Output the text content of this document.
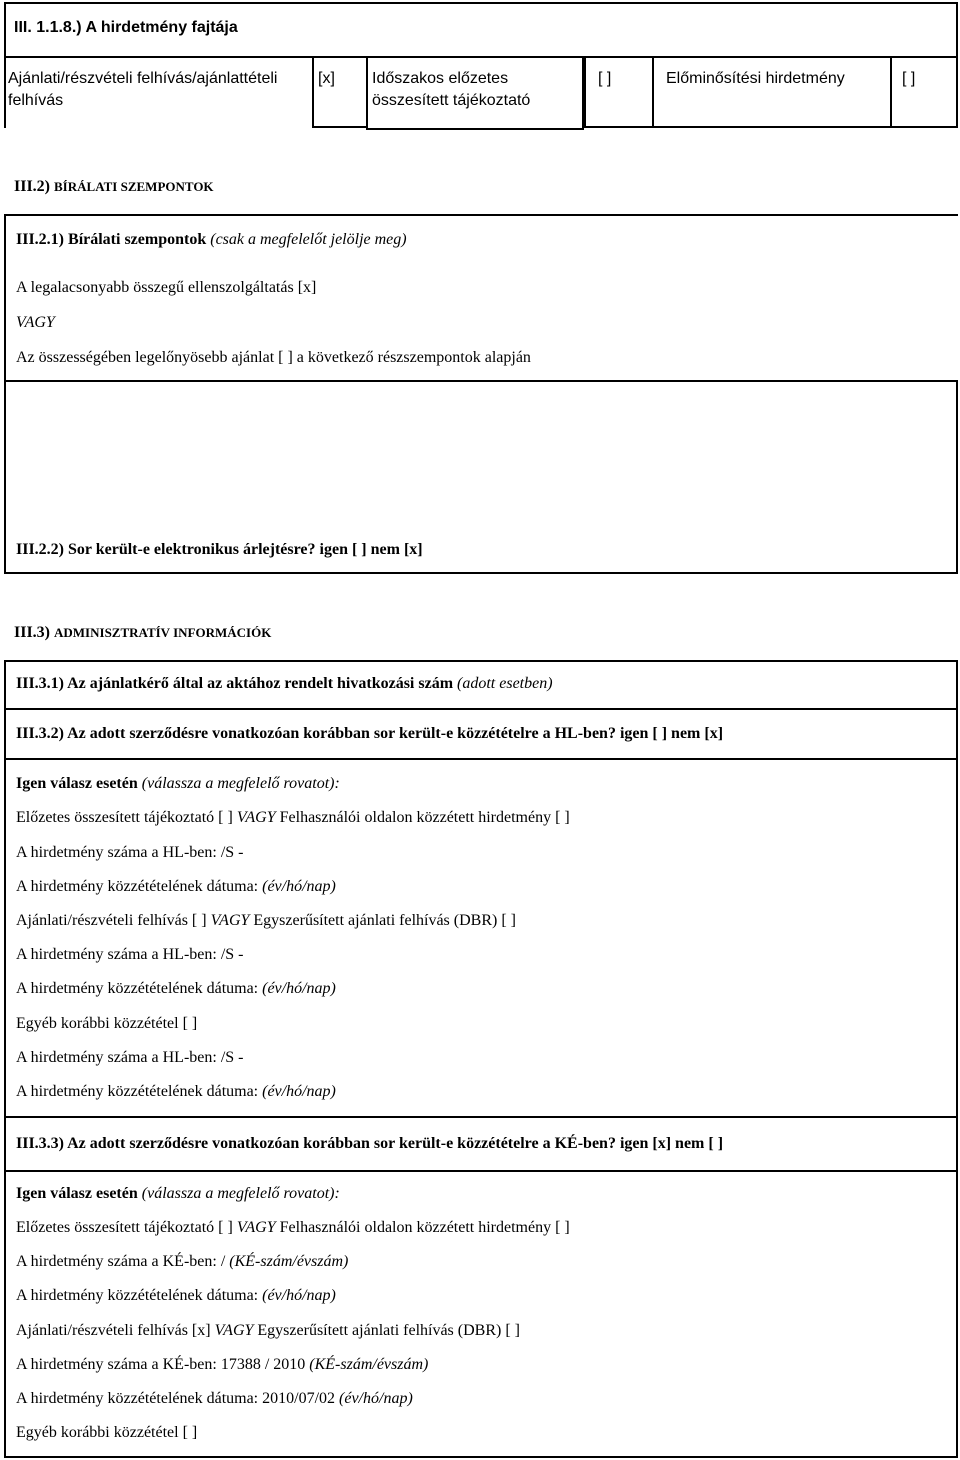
III. 1.1.8.) A hirdetmény fajtája
Ajánlati/részvételi felhívás/ajánlattételi felhívás
[x] Időszakos előzetes összesített tájékoztató
[ ]	Előminősítési hirdetmény	[ ]
III.2) BÍRÁLATI SZEMPONTOK
III.2.1) Bírálati szempontok (csak a megfelelőt jelölje meg)
A legalacsonyabb összegű ellenszolgáltatás [x]
VAGY
Az összességében legelőnyösebb ajánlat [ ] a következő részszempontok alapján
III.2.2) Sor került-e elektronikus árlejtésre? igen [ ] nem [x]
III.3) ADMINISZTRATÍV INFORMÁCIÓK
III.3.1) Az ajánlatkérő által az aktához rendelt hivatkozási szám (adott esetben)
III.3.2) Az adott szerződésre vonatkozóan korábban sor került-e közzétételre a HL-ben? igen [ ] nem [x]
Igen válasz esetén (válassza a megfelelő rovatot):
Előzetes összesített tájékoztató [ ] VAGY Felhasználói oldalon közzétett hirdetmény [ ]
A hirdetmény száma a HL-ben: /S -
A hirdetmény közzétételének dátuma: (év/hó/nap)
Ajánlati/részvételi felhívás [ ] VAGY Egyszerűsített ajánlati felhívás (DBR) [ ]
A hirdetmény száma a HL-ben: /S -
A hirdetmény közzétételének dátuma: (év/hó/nap)
Egyéb korábbi közzététel [ ]
A hirdetmény száma a HL-ben: /S -
A hirdetmény közzétételének dátuma: (év/hó/nap)
III.3.3) Az adott szerződésre vonatkozóan korábban sor került-e közzétételre a KÉ-ben? igen [x] nem [ ]
Igen válasz esetén (válassza a megfelelő rovatot):
Előzetes összesített tájékoztató [ ] VAGY Felhasználói oldalon közzétett hirdetmény [ ]
A hirdetmény száma a KÉ-ben: / (KÉ-szám/évszám)
A hirdetmény közzétételének dátuma: (év/hó/nap)
Ajánlati/részvételi felhívás [x] VAGY Egyszerűsített ajánlati felhívás (DBR) [ ]
A hirdetmény száma a KÉ-ben: 17388 / 2010 (KÉ-szám/évszám)
A hirdetmény közzétételének dátuma: 2010/07/02 (év/hó/nap)
Egyéb korábbi közzététel [ ]
